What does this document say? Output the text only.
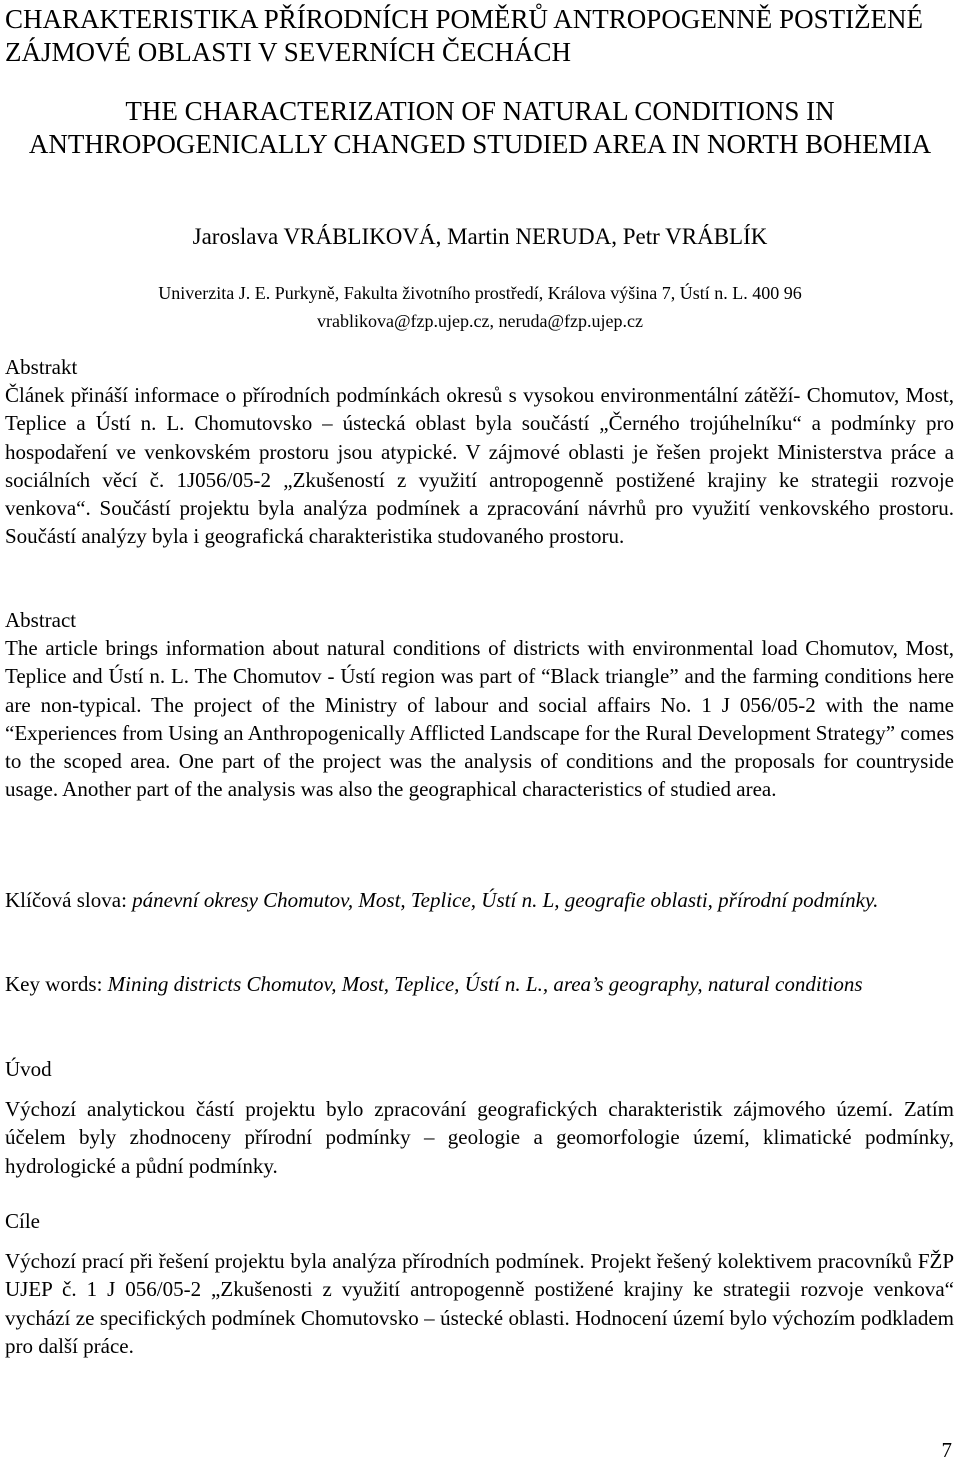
CHARAKTERISTIKA PŘÍRODNÍCH POMĚRŮ ANTROPOGENNĚ POSTIŽENÉ ZÁJMOVÉ OBLASTI V SEVERNÍCH ČECHÁCH
THE CHARACTERIZATION OF NATURAL CONDITIONS IN ANTHROPOGENICALLY CHANGED STUDIED AREA IN NORTH BOHEMIA
Jaroslava VRÁBLIKOVÁ, Martin NERUDA, Petr VRÁBLÍK
Univerzita J. E. Purkyně, Fakulta životního prostředí, Králova výšina 7, Ústí n. L. 400 96
vrablikova@fzp.ujep.cz, neruda@fzp.ujep.cz

Abstrakt

Článek přináší informace o přírodních podmínkách okresů s vysokou environmentální zátěží- Chomutov, Most, Teplice a Ústí n. L. Chomutovsko – ústecká oblast byla součástí „Černého trojúhelníku“ a podmínky pro hospodaření ve venkovském prostoru jsou atypické. V zájmové oblasti je řešen projekt Ministerstva práce a sociálních věcí č. 1J056/05-2 „Zkušeností z využití antropogenně postižené krajiny ke strategii rozvoje venkova“. Součástí projektu byla analýza podmínek a zpracování návrhů pro využití venkovského prostoru. Součástí analýzy byla i geografická charakteristika studovaného prostoru.

Abstract

The article brings information about natural conditions of districts with environmental load Chomutov, Most, Teplice and Ústí n. L. The Chomutov - Ústí region was part of “Black triangle” and the farming conditions here are non-typical. The project of the Ministry of labour and social affairs No. 1 J 056/05-2 with the name “Experiences from Using an Anthropogenically Afflicted Landscape for the Rural Development Strategy” comes to the scoped area. One part of the project was the analysis of conditions and the proposals for countryside usage. Another part of the analysis was also the geographical characteristics of studied area.

Klíčová slova: pánevní okresy Chomutov, Most, Teplice, Ústí n. L, geografie oblasti, přírodní podmínky.

Key words: Mining districts Chomutov, Most, Teplice, Ústí n. L., area’s geography, natural conditions

Úvod

Výchozí analytickou částí projektu bylo zpracování geografických charakteristik zájmového území. Zatím účelem byly zhodnoceny přírodní podmínky – geologie a geomorfologie území, klimatické podmínky, hydrologické a půdní podmínky.

Cíle

Výchozí prací při řešení projektu byla analýza přírodních podmínek. Projekt řešený kolektivem pracovníků FŽP UJEP č. 1 J 056/05-2 „Zkušenosti z využití antropogenně postižené krajiny ke strategii rozvoje venkova“ vychází ze specifických podmínek Chomutovsko – ústecké oblasti. Hodnocení území bylo výchozím podkladem pro další práce.

7
